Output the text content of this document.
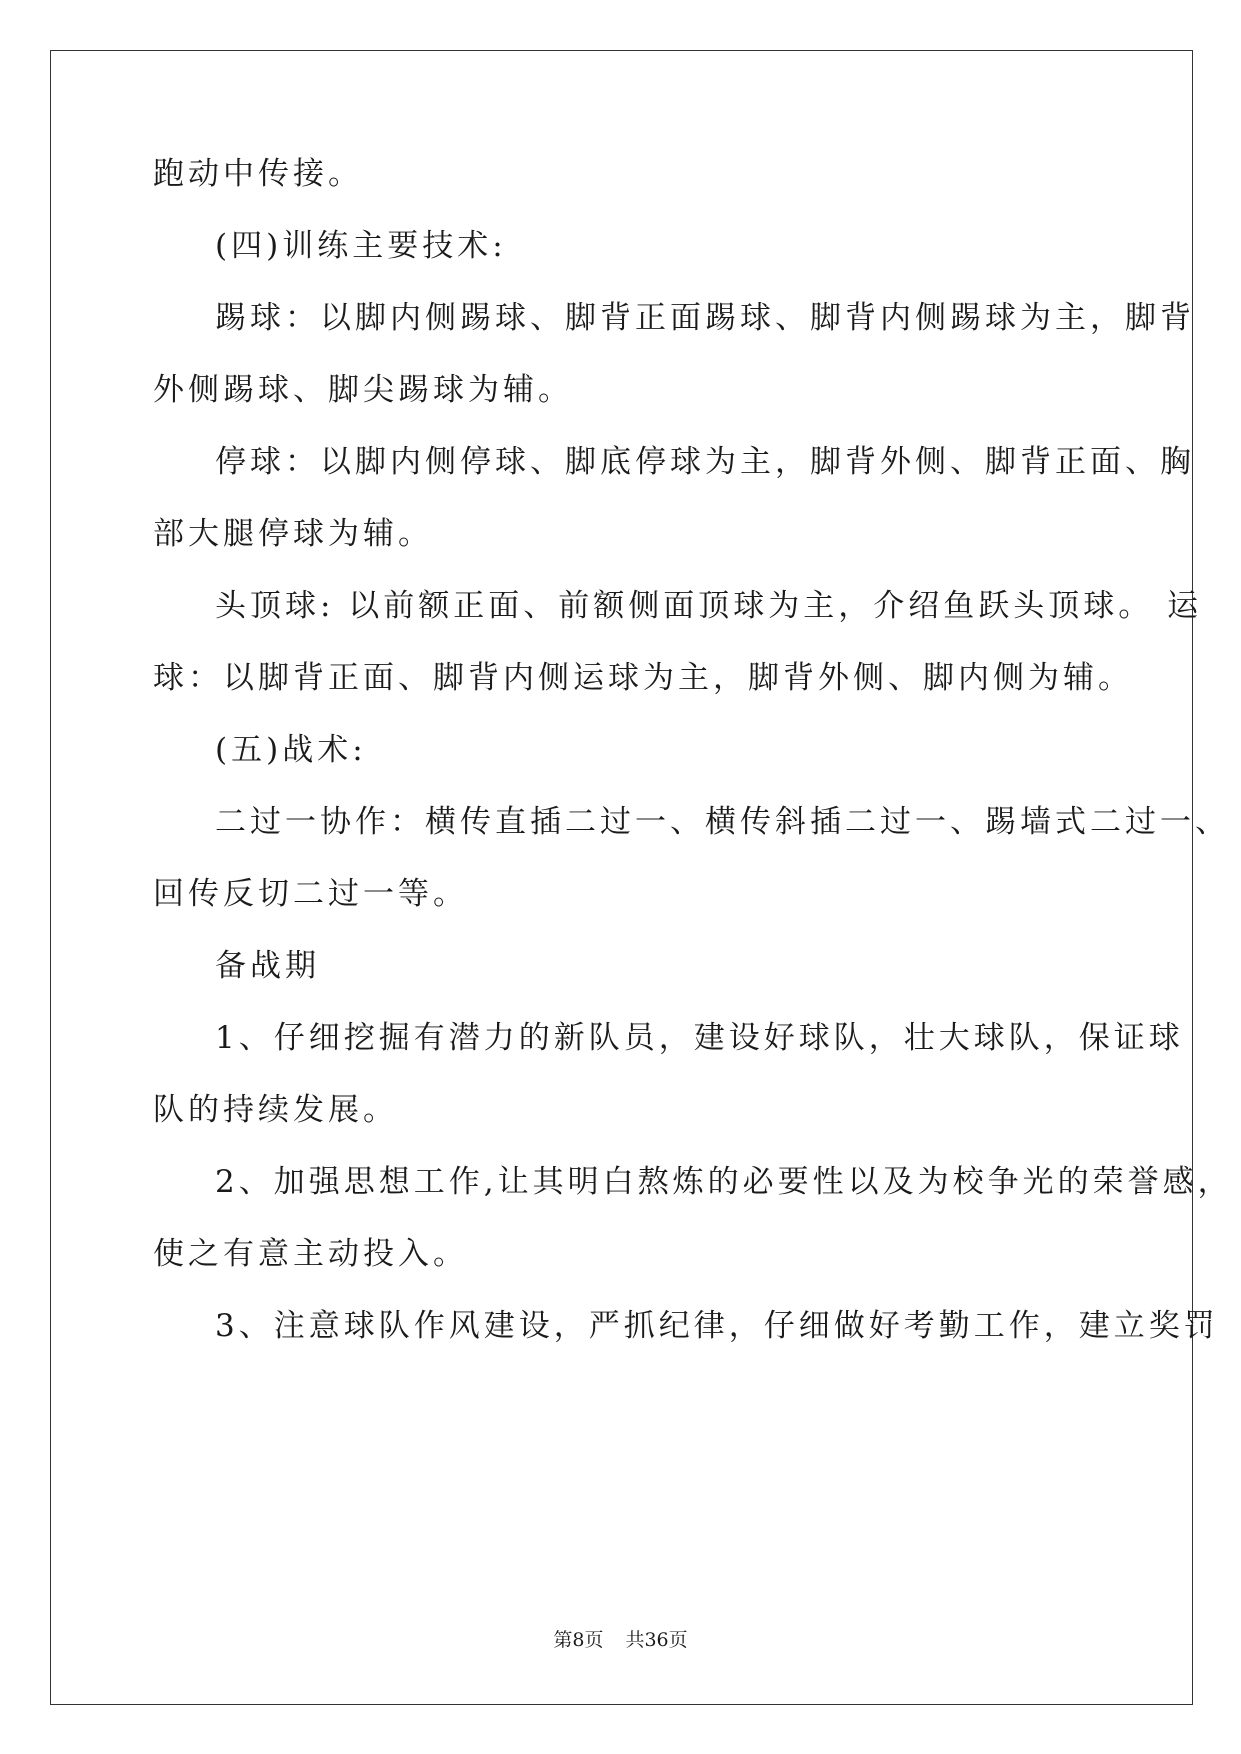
跑动中传接。
(四)训练主要技术:
踢球：以脚内侧踢球、脚背正面踢球、脚背内侧踢球为主，脚背
外侧踢球、脚尖踢球为辅。
停球：以脚内侧停球、脚底停球为主，脚背外侧、脚背正面、胸
部大腿停球为辅。
头顶球: 以前额正面、前额侧面顶球为主，介绍鱼跃头顶球。 运
球：以脚背正面、脚背内侧运球为主，脚背外侧、脚内侧为辅。
(五)战术:
二过一协作：横传直插二过一、横传斜插二过一、踢墙式二过一、
回传反切二过一等。
备战期
1、仔细挖掘有潜力的新队员，建设好球队，壮大球队，保证球
队的持续发展。
2、加强思想工作,让其明白熬炼的必要性以及为校争光的荣誉感，
使之有意主动投入。
3、注意球队作风建设，严抓纪律，仔细做好考勤工作，建立奖罚
第8页 共36页
